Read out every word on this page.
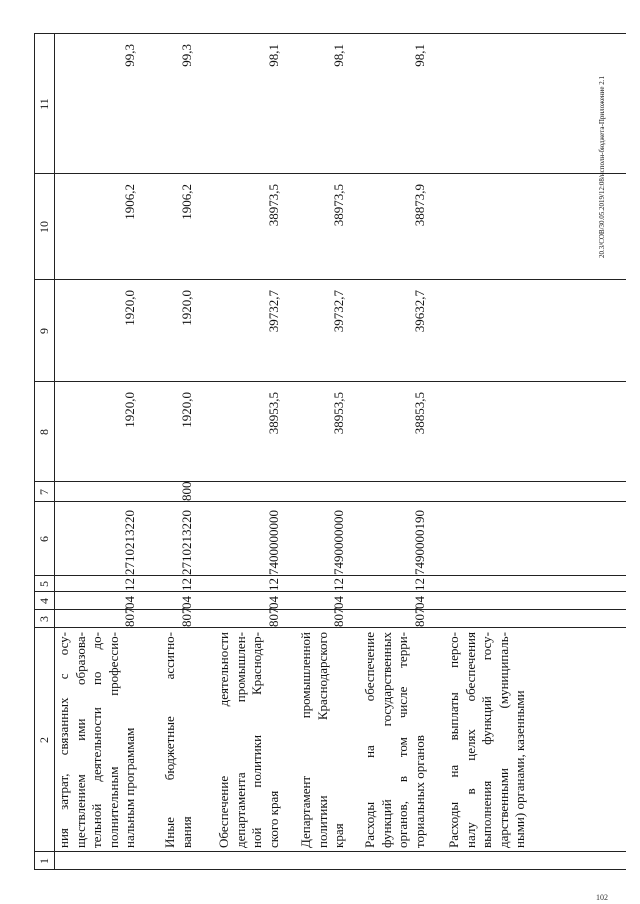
1
2
3
4
5
6
7
8
9
10
11
ния затрат, связанных с осу- ществлением ими образова- тельной деятельности по до- полнительным профессио- нальным программам
807
04
12
2710213220
1920,0
1920,0
1906,2
99,3
Иные бюджетные ассигно- вания
807
04
12
2710213220
800
1920,0
1920,0
1906,2
99,3
Обеспечение деятельности департамента промышлен- ной политики Краснодар- ского края
807
04
12
7400000000
38953,5
39732,7
38973,5
98,1
Департамент промышленной политики Краснодарского края
807
04
12
7490000000
38953,5
39732,7
38973,5
98,1
Расходы на обеспечение функций государственных органов, в том числе терри- ториальных органов
807
04
12
7490000190
38853,5
39632,7
38873,9
98,1
Расходы на выплаты персо- налу в целях обеспечения выполнения функций госу- дарственными (муниципаль- ными) органами, казенными
20.3/СОВ/30.05.2019/12:08/исполн-бюджета-Приложение 2.1
102
